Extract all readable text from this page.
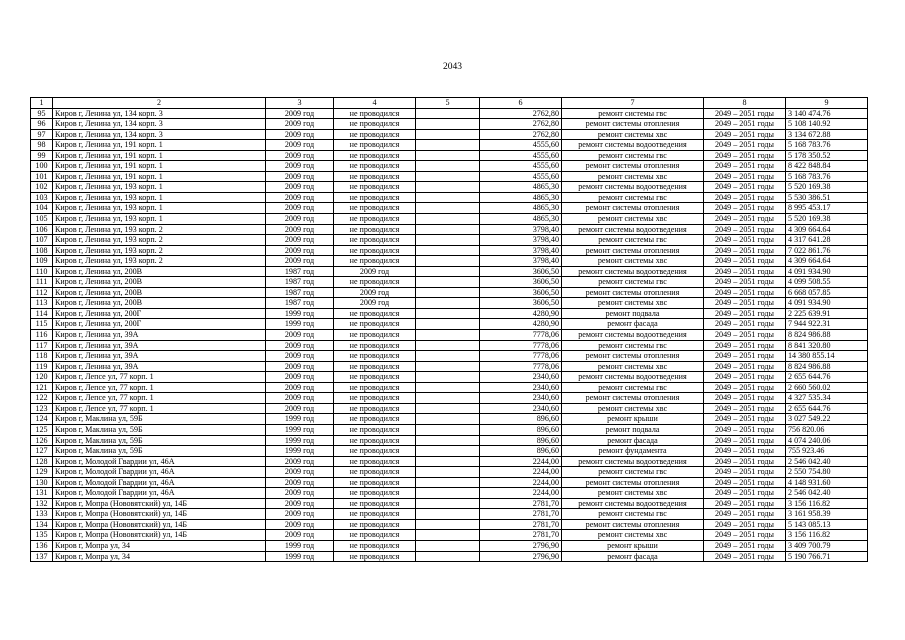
2043
1	2	3	4	5	6	7	8	9
95	Киров г, Ленина ул, 134 корп. 3	2009 год	не проводился		2762,80	ремонт системы гвс	2049 – 2051 годы	3 140 474.76
96	Киров г, Ленина ул, 134 корп. 3	2009 год	не проводился		2762,80	ремонт системы отопления	2049 – 2051 годы	5 108 140.92
97	Киров г, Ленина ул, 134 корп. 3	2009 год	не проводился		2762,80	ремонт системы хвс	2049 – 2051 годы	3 134 672.88
98	Киров г, Ленина ул, 191 корп. 1	2009 год	не проводился		4555,60	ремонт системы водоотведения	2049 – 2051 годы	5 168 783.76
99	Киров г, Ленина ул, 191 корп. 1	2009 год	не проводился		4555,60	ремонт системы гвс	2049 – 2051 годы	5 178 350.52
100	Киров г, Ленина ул, 191 корп. 1	2009 год	не проводился		4555,60	ремонт системы отопления	2049 – 2051 годы	8 422 848.84
101	Киров г, Ленина ул, 191 корп. 1	2009 год	не проводился		4555,60	ремонт системы хвс	2049 – 2051 годы	5 168 783.76
102	Киров г, Ленина ул, 193 корп. 1	2009 год	не проводился		4865,30	ремонт системы водоотведения	2049 – 2051 годы	5 520 169.38
103	Киров г, Ленина ул, 193 корп. 1	2009 год	не проводился		4865,30	ремонт системы гвс	2049 – 2051 годы	5 530 386.51
104	Киров г, Ленина ул, 193 корп. 1	2009 год	не проводился		4865,30	ремонт системы отопления	2049 – 2051 годы	8 995 453.17
105	Киров г, Ленина ул, 193 корп. 1	2009 год	не проводился		4865,30	ремонт системы хвс	2049 – 2051 годы	5 520 169.38
106	Киров г, Ленина ул, 193 корп. 2	2009 год	не проводился		3798,40	ремонт системы водоотведения	2049 – 2051 годы	4 309 664.64
107	Киров г, Ленина ул, 193 корп. 2	2009 год	не проводился		3798,40	ремонт системы гвс	2049 – 2051 годы	4 317 641.28
108	Киров г, Ленина ул, 193 корп. 2	2009 год	не проводился		3798,40	ремонт системы отопления	2049 – 2051 годы	7 022 861.76
109	Киров г, Ленина ул, 193 корп. 2	2009 год	не проводился		3798,40	ремонт системы хвс	2049 – 2051 годы	4 309 664.64
110	Киров г, Ленина ул, 200В	1987 год	2009 год		3606,50	ремонт системы водоотведения	2049 – 2051 годы	4 091 934.90
111	Киров г, Ленина ул, 200В	1987 год	не проводился		3606,50	ремонт системы гвс	2049 – 2051 годы	4 099 508.55
112	Киров г, Ленина ул, 200В	1987 год	2009 год		3606,50	ремонт системы отопления	2049 – 2051 годы	6 668 057.85
113	Киров г, Ленина ул, 200В	1987 год	2009 год		3606,50	ремонт системы хвс	2049 – 2051 годы	4 091 934.90
114	Киров г, Ленина ул, 200Г	1999 год	не проводился		4280,90	ремонт подвала	2049 – 2051 годы	2 225 639.91
115	Киров г, Ленина ул, 200Г	1999 год	не проводился		4280,90	ремонт фасада	2049 – 2051 годы	7 944 922.31
116	Киров г, Ленина ул, 39А	2009 год	не проводился		7778,06	ремонт системы водоотведения	2049 – 2051 годы	8 824 986.88
117	Киров г, Ленина ул, 39А	2009 год	не проводился		7778,06	ремонт системы гвс	2049 – 2051 годы	8 841 320.80
118	Киров г, Ленина ул, 39А	2009 год	не проводился		7778,06	ремонт системы отопления	2049 – 2051 годы	14 380 855.14
119	Киров г, Ленина ул, 39А	2009 год	не проводился		7778,06	ремонт системы хвс	2049 – 2051 годы	8 824 986.88
120	Киров г, Лепсе ул, 77 корп. 1	2009 год	не проводился		2340,60	ремонт системы водоотведения	2049 – 2051 годы	2 655 644.76
121	Киров г, Лепсе ул, 77 корп. 1	2009 год	не проводился		2340,60	ремонт системы гвс	2049 – 2051 годы	2 660 560.02
122	Киров г, Лепсе ул, 77 корп. 1	2009 год	не проводился		2340,60	ремонт системы отопления	2049 – 2051 годы	4 327 535.34
123	Киров г, Лепсе ул, 77 корп. 1	2009 год	не проводился		2340,60	ремонт системы хвс	2049 – 2051 годы	2 655 644.76
124	Киров г, Маклина ул, 59Б	1999 год	не проводился		896,60	ремонт крыши	2049 – 2051 годы	3 027 549.22
125	Киров г, Маклина ул, 59Б	1999 год	не проводился		896,60	ремонт подвала	2049 – 2051 годы	756 820.06
126	Киров г, Маклина ул, 59Б	1999 год	не проводился		896,60	ремонт фасада	2049 – 2051 годы	4 074 240.06
127	Киров г, Маклина ул, 59Б	1999 год	не проводился		896,60	ремонт фундамента	2049 – 2051 годы	755 923.46
128	Киров г, Молодой Гвардии ул, 46А	2009 год	не проводился		2244,00	ремонт системы водоотведения	2049 – 2051 годы	2 546 042.40
129	Киров г, Молодой Гвардии ул, 46А	2009 год	не проводился		2244,00	ремонт системы гвс	2049 – 2051 годы	2 550 754.80
130	Киров г, Молодой Гвардии ул, 46А	2009 год	не проводился		2244,00	ремонт системы отопления	2049 – 2051 годы	4 148 931.60
131	Киров г, Молодой Гвардии ул, 46А	2009 год	не проводился		2244,00	ремонт системы хвс	2049 – 2051 годы	2 546 042.40
132	Киров г, Мопра (Нововятский) ул, 14Б	2009 год	не проводился		2781,70	ремонт системы водоотведения	2049 – 2051 годы	3 156 116.82
133	Киров г, Мопра (Нововятский) ул, 14Б	2009 год	не проводился		2781,70	ремонт системы гвс	2049 – 2051 годы	3 161 958.39
134	Киров г, Мопра (Нововятский) ул, 14Б	2009 год	не проводился		2781,70	ремонт системы отопления	2049 – 2051 годы	5 143 085.13
135	Киров г, Мопра (Нововятский) ул, 14Б	2009 год	не проводился		2781,70	ремонт системы хвс	2049 – 2051 годы	3 156 116.82
136	Киров г, Мопра ул, 34	1999 год	не проводился		2796,90	ремонт крыши	2049 – 2051 годы	3 409 700.79
137	Киров г, Мопра ул, 34	1999 год	не проводился		2796,90	ремонт фасада	2049 – 2051 годы	5 190 766.71
